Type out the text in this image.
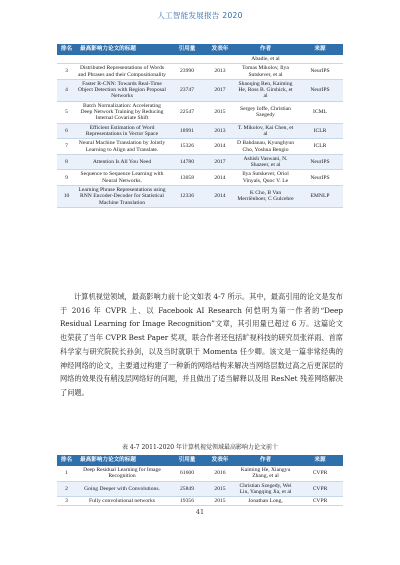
人工智能发展报告 2020
排名	最高影响力论文的标题	引用量	发表年	作者	来源
				Abadie, et al	
3	Distributed Representations of Words and Phrases and their Compositionality	23990	2013	Tomas Mikolov, Ilya Sutskever, et al	NeurIPS
4	Faster R-CNN: Towards Real-Time Object Detection with Region Proposal Networks	23747	2017	Shaoqing Ren, Kaiming He, Ross B. Girshick, et al	NeurIPS
5	Batch Normalization: Accelerating Deep Network Training by Reducing Internal Covariate Shift	22547	2015	Sergey Ioffe, Christian Szegedy	ICML
6	Efficient Estimation of Word Representations in Vector Space	18991	2013	T. Mikolov, Kai Chen, et al	ICLR
7	Neural Machine Translation by Jointly Learning to Align and Translate.	15326	2014	D Bahdanau, Kyunghyun Cho, Yoshua Bengio	ICLR
8	Attention Is All You Need	14780	2017	Ashish Vaswani, N. Shazeer, et al	NeurIPS
9	Sequence to Sequence Learning with Neural Networks.	13058	2014	Ilya Sutskever, Oriol Vinyals, Quoc V. Le	NeurIPS
10	Learning Phrase Representations using RNN Encoder-Decoder for Statistical Machine Translation	12336	2014	K Cho, B Van Merriënboer, C Gulcehre	EMNLP

计算机视觉领域，最高影响力前十论文如表 4-7 所示。其中，最高引用的论文是发布于 2016 年 CVPR 上、以 Facebook AI Research 何恺明为第一作者的“Deep Residual Learning for Image Recognition”文章，其引用量已超过 6 万。这篇论文也荣获了当年 CVPR Best Paper 奖项，联合作者还包括旷视科技的研究员张祥雨、首席科学家与研究院院长孙剑，以及当时就职于 Momenta 任少卿。该文是一篇非常经典的神经网络的论文，主要通过构建了一种新的网络结构来解决当网络层数过高之后更深层的网络的效果没有稍浅层网络好的问题，并且做出了适当解释以及用 ResNet 残差网络解决了问题。

表 4-7 2011-2020 年计算机视觉领域最高影响力论文前十

排名	最高影响力论文的标题	引用量	发表年	作者	来源
1	Deep Residual Learning for Image Recognition	61600	2016	Kaiming He, Xiangyu Zhang, et al	CVPR
2	Going Deeper with Convolutions.	25849	2015	Christian Szegedy, Wei Liu, Yangqing Jia, et al	CVPR
3	Fully convolutional networks	19356	2015	Jonathan Long,	CVPR
41
